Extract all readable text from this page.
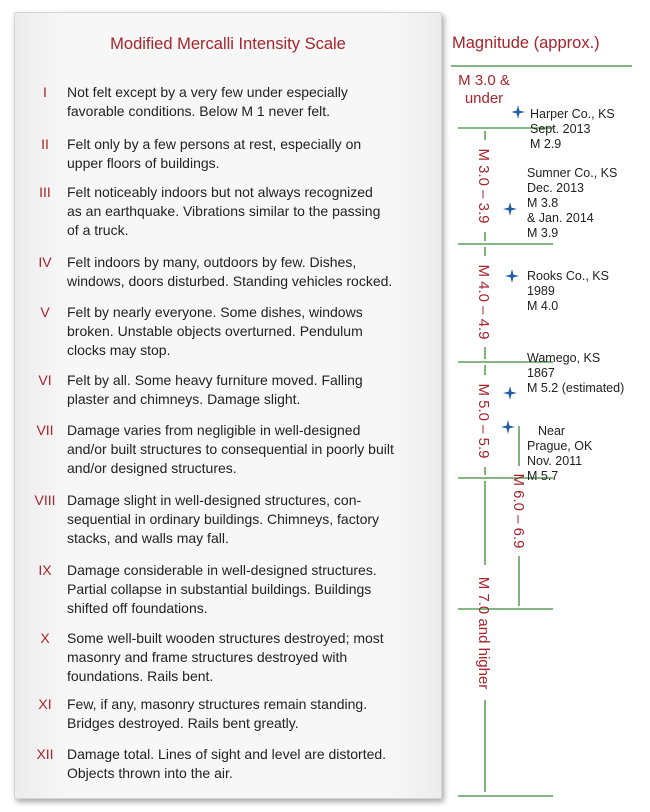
Modified Mercalli Intensity Scale
I	Not felt except by a very few under especially
favorable conditions. Below M 1 never felt.
II	Felt only by a few persons at rest, especially on
upper floors of buildings.
III	Felt noticeably indoors but not always recognized
as an earthquake. Vibrations similar to the passing
of a truck.
IV	Felt indoors by many, outdoors by few. Dishes,
windows, doors disturbed. Standing vehicles rocked.
V	Felt by nearly everyone. Some dishes, windows
broken. Unstable objects overturned. Pendulum
clocks may stop.
VI	Felt by all. Some heavy furniture moved. Falling
plaster and chimneys. Damage slight.
VII Damage varies from negligible in well-designed
and/or built structures to consequential in poorly built
and/or designed structures.
VIII Damage slight in well-designed structures, con-
sequential in ordinary buildings. Chimneys, factory
stacks, and walls may fall.
IX	Damage considerable in well-designed structures.
Partial collapse in substantial buildings. Buildings
shifted off foundations.
X	Some well-built wooden structures destroyed; most
masonry and frame structures destroyed with
foundations. Rails bent.
XI	Few, if any, masonry structures remain standing.
Bridges destroyed. Rails bent greatly.
XII Damage total. Lines of sight and level are distorted.
Objects thrown into the air.
Magnitude (approx.)
M 3.0 &
under
M 3.0 – 3.9
M 4.0 – 4.9
M 5.0 – 5.9
M 6.0 – 6.9
M 7.0 and higher
Harper Co., KS Sept. 2013 M 2.9
Sumner Co., KS Dec. 2013 M 3.8 & Jan. 2014 M 3.9
Rooks Co., KS 1989 M 4.0
Wamego, KS 1867 M 5.2 (estimated)
Near Prague, OK Nov. 2011 M 5.7
